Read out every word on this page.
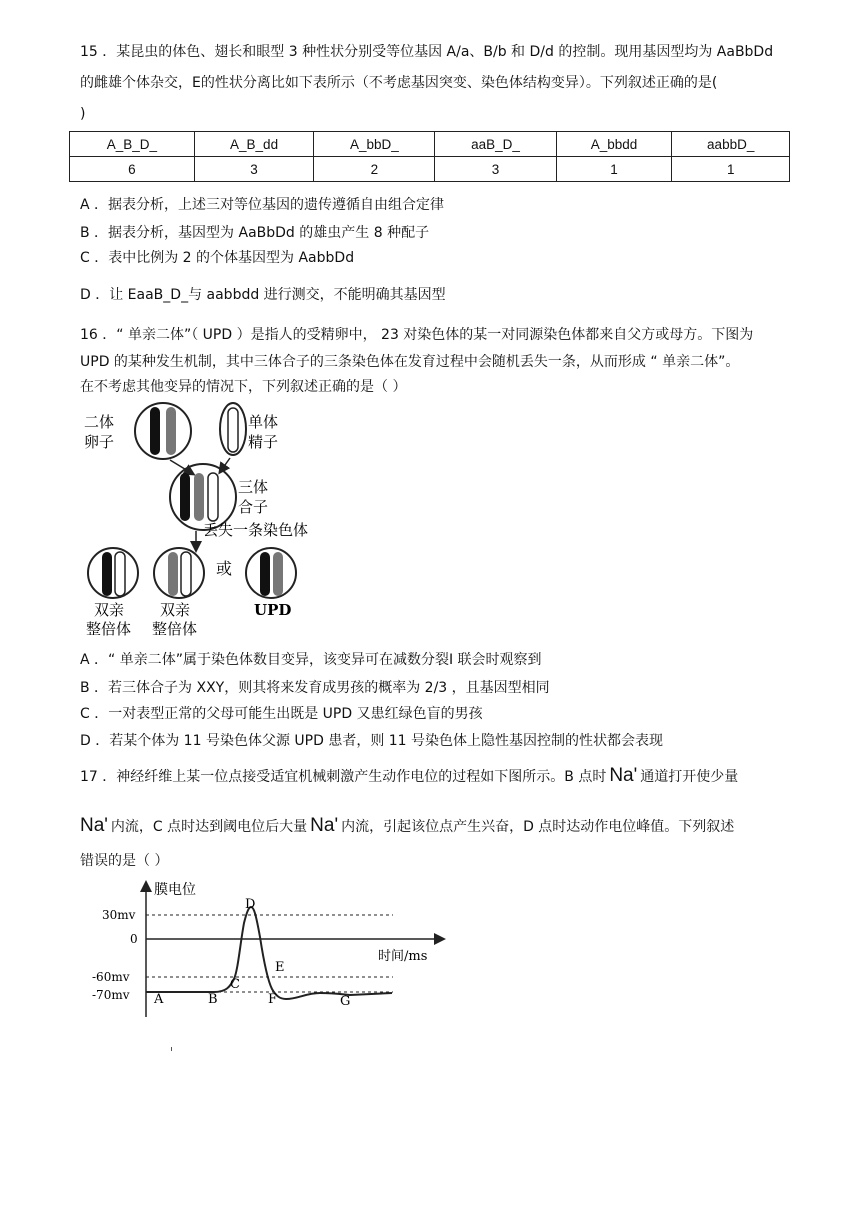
15 ．某昆虫的体色、翅长和眼型 3 种性状分别受等位基因 A/a、B/b 和 D/d 的控制。现用基因型均为 AaBbDd
的雌雄个体杂交，E的性状分离比如下表所示（不考虑基因突变、染色体结构变异）。下列叙述正确的是(
)
A_B_D_	A_B_dd	A_bbD_	aaB_D_	A_bbdd	aabbD_
6	3	2	3	1	1
A ．据表分析，上述三对等位基因的遗传遵循自由组合定律
B ．据表分析，基因型为 AaBbDd 的雄虫产生 8 种配子
C ．表中比例为 2 的个体基因型为 AabbDd
D ．让 EaaB_D_与 aabbdd 进行测交，不能明确其基因型
16 ．“ 单亲二体”（ UPD ）是指人的受精卵中， 23 对染色体的某一对同源染色体都来自父方或母方。下图为
UPD 的某种发生机制，其中三体合子的三条染色体在发育过程中会随机丢失一条，从而形成 “ 单亲二体”。
在不考虑其他变异的情况下，下列叙述正确的是（ ）
二体
卵子
单体
精子
三体
合子
丢失一条染色体
双亲
整倍体
双亲
整倍体
或
UPD
A ．“ 单亲二体”属于染色体数目变异，该变异可在减数分裂Ⅰ 联会时观察到
B ．若三体合子为 XXY，则其将来发育成男孩的概率为 2/3 ，且基因型相同
C ．一对表型正常的父母可能生出既是 UPD 又患红绿色盲的男孩
D ．若某个体为 11 号染色体父源 UPD 患者，则 11 号染色体上隐性基因控制的性状都会表现
17 ．神经纤维上某一位点接受适宜机械刺激产生动作电位的过程如下图所示。B 点时 Na' 通道打开使少量
Na' 内流，C 点时达到阈电位后大量 Na' 内流，引起该位点产生兴奋，D 点时达动作电位峰值。下列叙述
错误的是（ ）
膜电位
时间/ms
30mv
0
-60mv
-70mv A	B
C
D
E
F	G
